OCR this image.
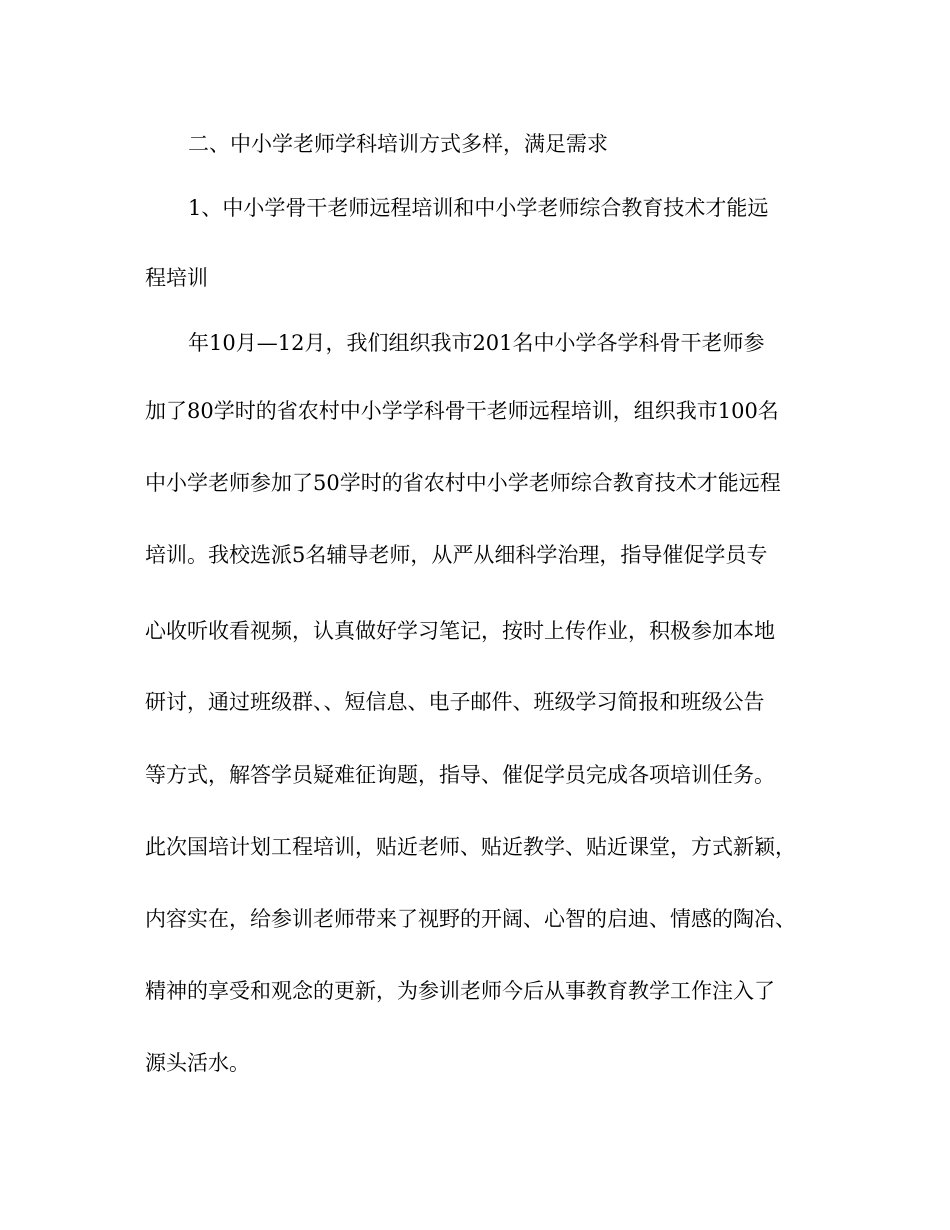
二、中小学老师学科培训方式多样，满足需求
1、中小学骨干老师远程培训和中小学老师综合教育技术才能远
程培训
年10月—12月，我们组织我市201名中小学各学科骨干老师参
加了80学时的省农村中小学学科骨干老师远程培训，组织我市100名
中小学老师参加了50学时的省农村中小学老师综合教育技术才能远程
培训。我校选派5名辅导老师，从严从细科学治理，指导催促学员专
心收听收看视频，认真做好学习笔记，按时上传作业，积极参加本地
研讨，通过班级群、、短信息、电子邮件、班级学习简报和班级公告
等方式，解答学员疑难征询题，指导、催促学员完成各项培训任务。
此次国培计划工程培训，贴近老师、贴近教学、贴近课堂，方式新颖，
内容实在，给参训老师带来了视野的开阔、心智的启迪、情感的陶冶、
精神的享受和观念的更新，为参训老师今后从事教育教学工作注入了
源头活水。
